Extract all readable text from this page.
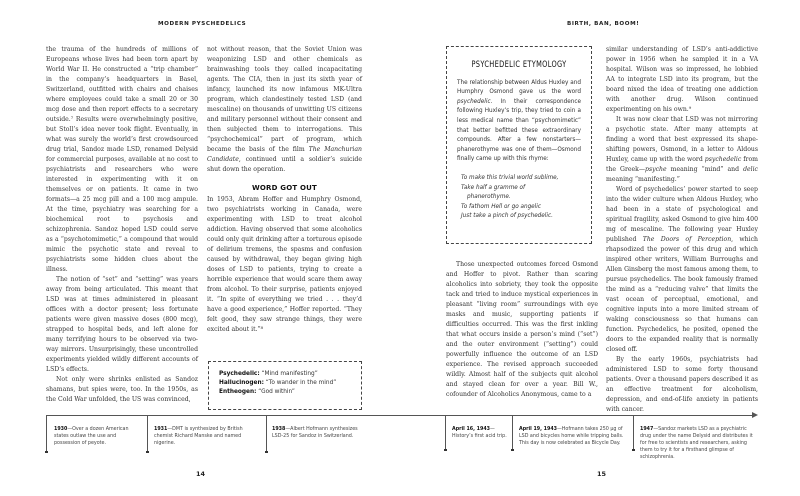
MODERN PYSCHEDELICS	BIRTH, BAN, BOOM!

the trauma of the hundreds of millions of Europeans whose lives had been torn apart by World War II. He constructed a “trip chamber” in the company’s headquarters in Basel, Switzerland, outfitted with chairs and chaises where employees could take a small 20 or 30 mcg dose and then report effects to a secretary outside.⁷ Results were overwhelmingly positive, but Stoll’s idea never took flight. Eventually, in what was surely the world’s first crowdsourced drug trial, Sandoz made LSD, renamed Delysid for commercial purposes, available at no cost to psychiatrists and researchers who were interested in experimenting with it on themselves or on patients. It came in two formats—a 25 mcg pill and a 100 mcg ampule. At the time, psychiatry was searching for a biochemical root to psychosis and schizophrenia. Sandoz hoped LSD could serve as a “psychotomimetic,” a compound that would mimic the psychotic state and reveal to psychiatrists some hidden clues about the illness.

The notion of “set” and “setting” was years away from being articulated. This meant that LSD was at times administered in pleasant offices with a doctor present; less fortunate patients were given massive doses (800 mcg), strapped to hospital beds, and left alone for many terrifying hours to be observed via two-way mirrors. Unsurprisingly, these uncontrolled experiments yielded wildly different accounts of LSD’s effects.

Not only were shrinks enlisted as Sandoz shamans, but spies were, too. In the 1950s, as the Cold War unfolded, the US was convinced,

not without reason, that the Soviet Union was weaponizing LSD and other chemicals as brainwashing tools they called incapacitating agents. The CIA, then in just its sixth year of infancy, launched its now infamous MK-Ultra program, which clandestinely tested LSD (and mescaline) on thousands of unwitting US citizens and military personnel without their consent and then subjected them to interrogations. This “psychochemical” part of program, which became the basis of the film The Manchurian Candidate, continued until a soldier’s suicide shut down the operation.

WORD GOT OUT

In 1953, Abram Hoffer and Humphry Osmond, two psychiatrists working in Canada, were experimenting with LSD to treat alcohol addiction. Having observed that some alcoholics could only quit drinking after a torturous episode of delirium tremens, the spasms and confusion caused by withdrawal, they began giving high doses of LSD to patients, trying to create a horrible experience that would scare them away from alcohol. To their surprise, patients enjoyed it. “In spite of everything we tried . . . they’d have a good experience,” Hoffer reported. “They felt good, they saw strange things, they were excited about it.”⁸

Psychedelic: “Mind manifesting”
Hallucinogen: “To wander in the mind”
Entheogen: “God within”
PSYCHEDELIC ETYMOLOGY
The relationship between Aldus Huxley and Humphry Osmond gave us the word psychedelic. In their correspondence following Huxley’s trip, they tried to coin a less medical name than “psychomimetic” that better befitted these extraordinary compounds. After a few nonstarters—phanerothyme was one of them—Osmond finally came up with this rhyme:
To make this trivial world sublime,
Take half a gramme of
phanerothyme.
To fathom Hell or go angelic
Just take a pinch of psychedelic.

Those unexpected outcomes forced Osmond and Hoffer to pivot. Rather than scaring alcoholics into sobriety, they took the opposite tack and tried to induce mystical experiences in pleasant “living room” surroundings with eye masks and music, supporting patients if difficulties occurred. This was the first inkling that what occurs inside a person’s mind (“set”) and the outer environment (“setting”) could powerfully influence the outcome of an LSD experience. The revised approach succeeded wildly. Almost half of the subjects quit alcohol and stayed clean for over a year. Bill W., cofounder of Alcoholics Anonymous, came to a

similar understanding of LSD’s anti-addictive power in 1956 when he sampled it in a VA hospital. Wilson was so impressed, he lobbied AA to integrate LSD into its program, but the board nixed the idea of treating one addiction with another drug. Wilson continued experimenting on his own.⁹

It was now clear that LSD was not mirroring a psychotic state. After many attempts at finding a word that best expressed its shape-shifting powers, Osmond, in a letter to Aldous Huxley, came up with the word psychedelic from the Greek—psyche meaning “mind” and delic meaning “manifesting.”

Word of psychedelics’ power started to seep into the wider culture when Aldous Huxley, who had been in a state of psychological and spiritual fragility, asked Osmond to give him 400 mg of mescaline. The following year Huxley published The Doors of Perception, which rhapsodized the power of this drug and which inspired other writers, William Burroughs and Allen Ginsberg the most famous among them, to pursue psychedelics. The book famously framed the mind as a “reducing valve” that limits the vast ocean of perceptual, emotional, and cognitive inputs into a more limited stream of waking consciousness so that humans can function. Psychedelics, he posited, opened the doors to the expanded reality that is normally closed off.

By the early 1960s, psychiatrists had administered LSD to some forty thousand patients. Over a thousand papers described it as an effective treatment for alcoholism, depression, and end-of-life anxiety in patients with cancer.

1930—Over a dozen American states outlaw the use and possession of peyote.
1931—DMT is synthesized by British chemist Richard Manske and named nigerine.
1938—Albert Hofmann synthesizes LSD-25 for Sandoz in Switzerland.
April 16, 1943—History’s first acid trip.
April 19, 1943—Hofmann takes 250 µg of LSD and bicycles home while tripping balls. This day is now celebrated as Bicycle Day.
1947—Sandoz markets LSD as a psychiatric drug under the name Delysid and distributes it for free to scientists and researchers, asking them to try it for a firsthand glimpse of schizophrenia.
14	15
